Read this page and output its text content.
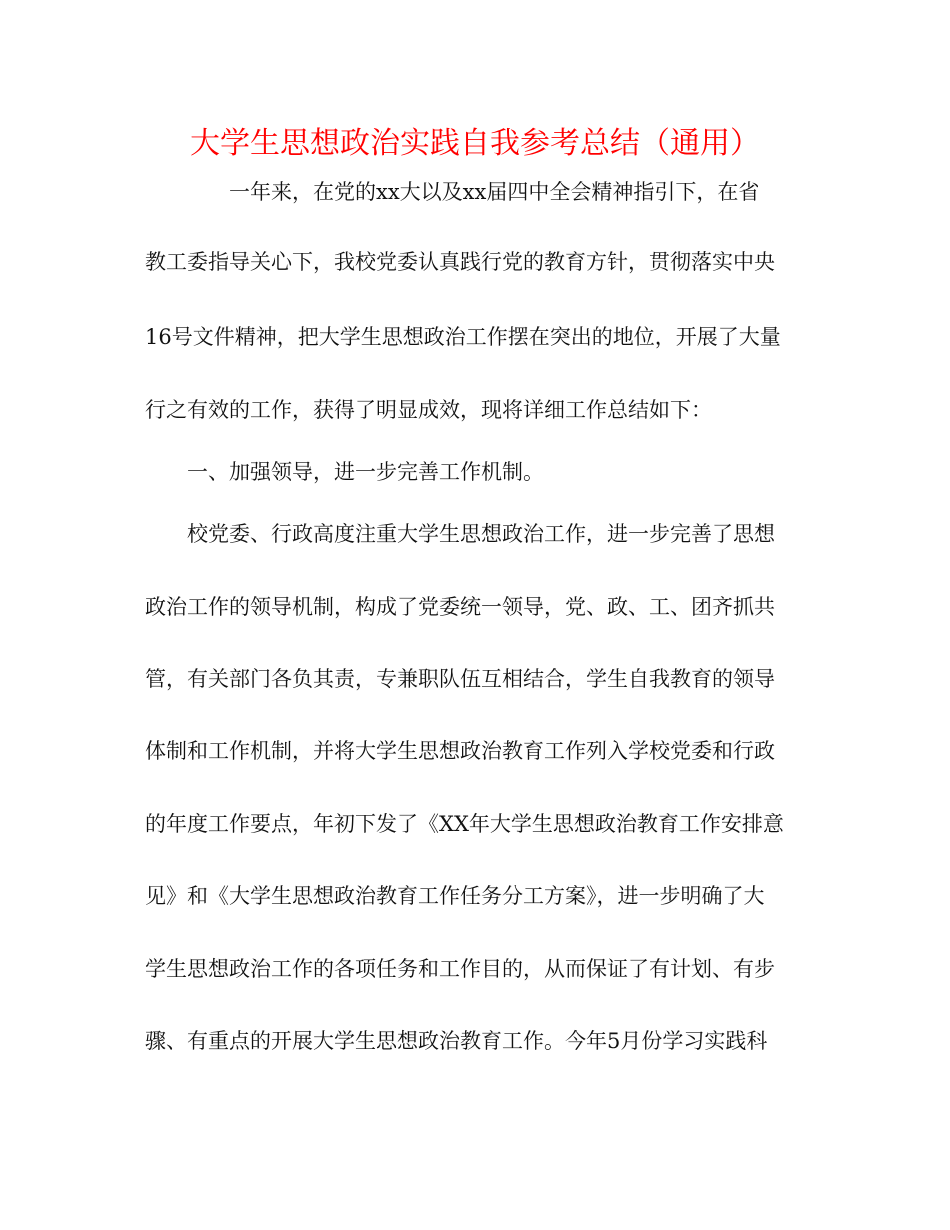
大学生思想政治实践自我参考总结（通用）

一年来，在党的xx大以及xx届四中全会精神指引下，在省

教工委指导关心下，我校党委认真践行党的教育方针，贯彻落实中央

16号文件精神，把大学生思想政治工作摆在突出的地位，开展了大量

行之有效的工作，获得了明显成效，现将详细工作总结如下：

一、加强领导，进一步完善工作机制。

校党委、行政高度注重大学生思想政治工作，进一步完善了思想

政治工作的领导机制，构成了党委统一领导，党、政、工、团齐抓共

管，有关部门各负其责，专兼职队伍互相结合，学生自我教育的领导

体制和工作机制，并将大学生思想政治教育工作列入学校党委和行政

的年度工作要点，年初下发了《XX年大学生思想政治教育工作安排意

见》和《大学生思想政治教育工作任务分工方案》，进一步明确了大

学生思想政治工作的各项任务和工作目的，从而保证了有计划、有步

骤、有重点的开展大学生思想政治教育工作。今年5月份学习实践科
